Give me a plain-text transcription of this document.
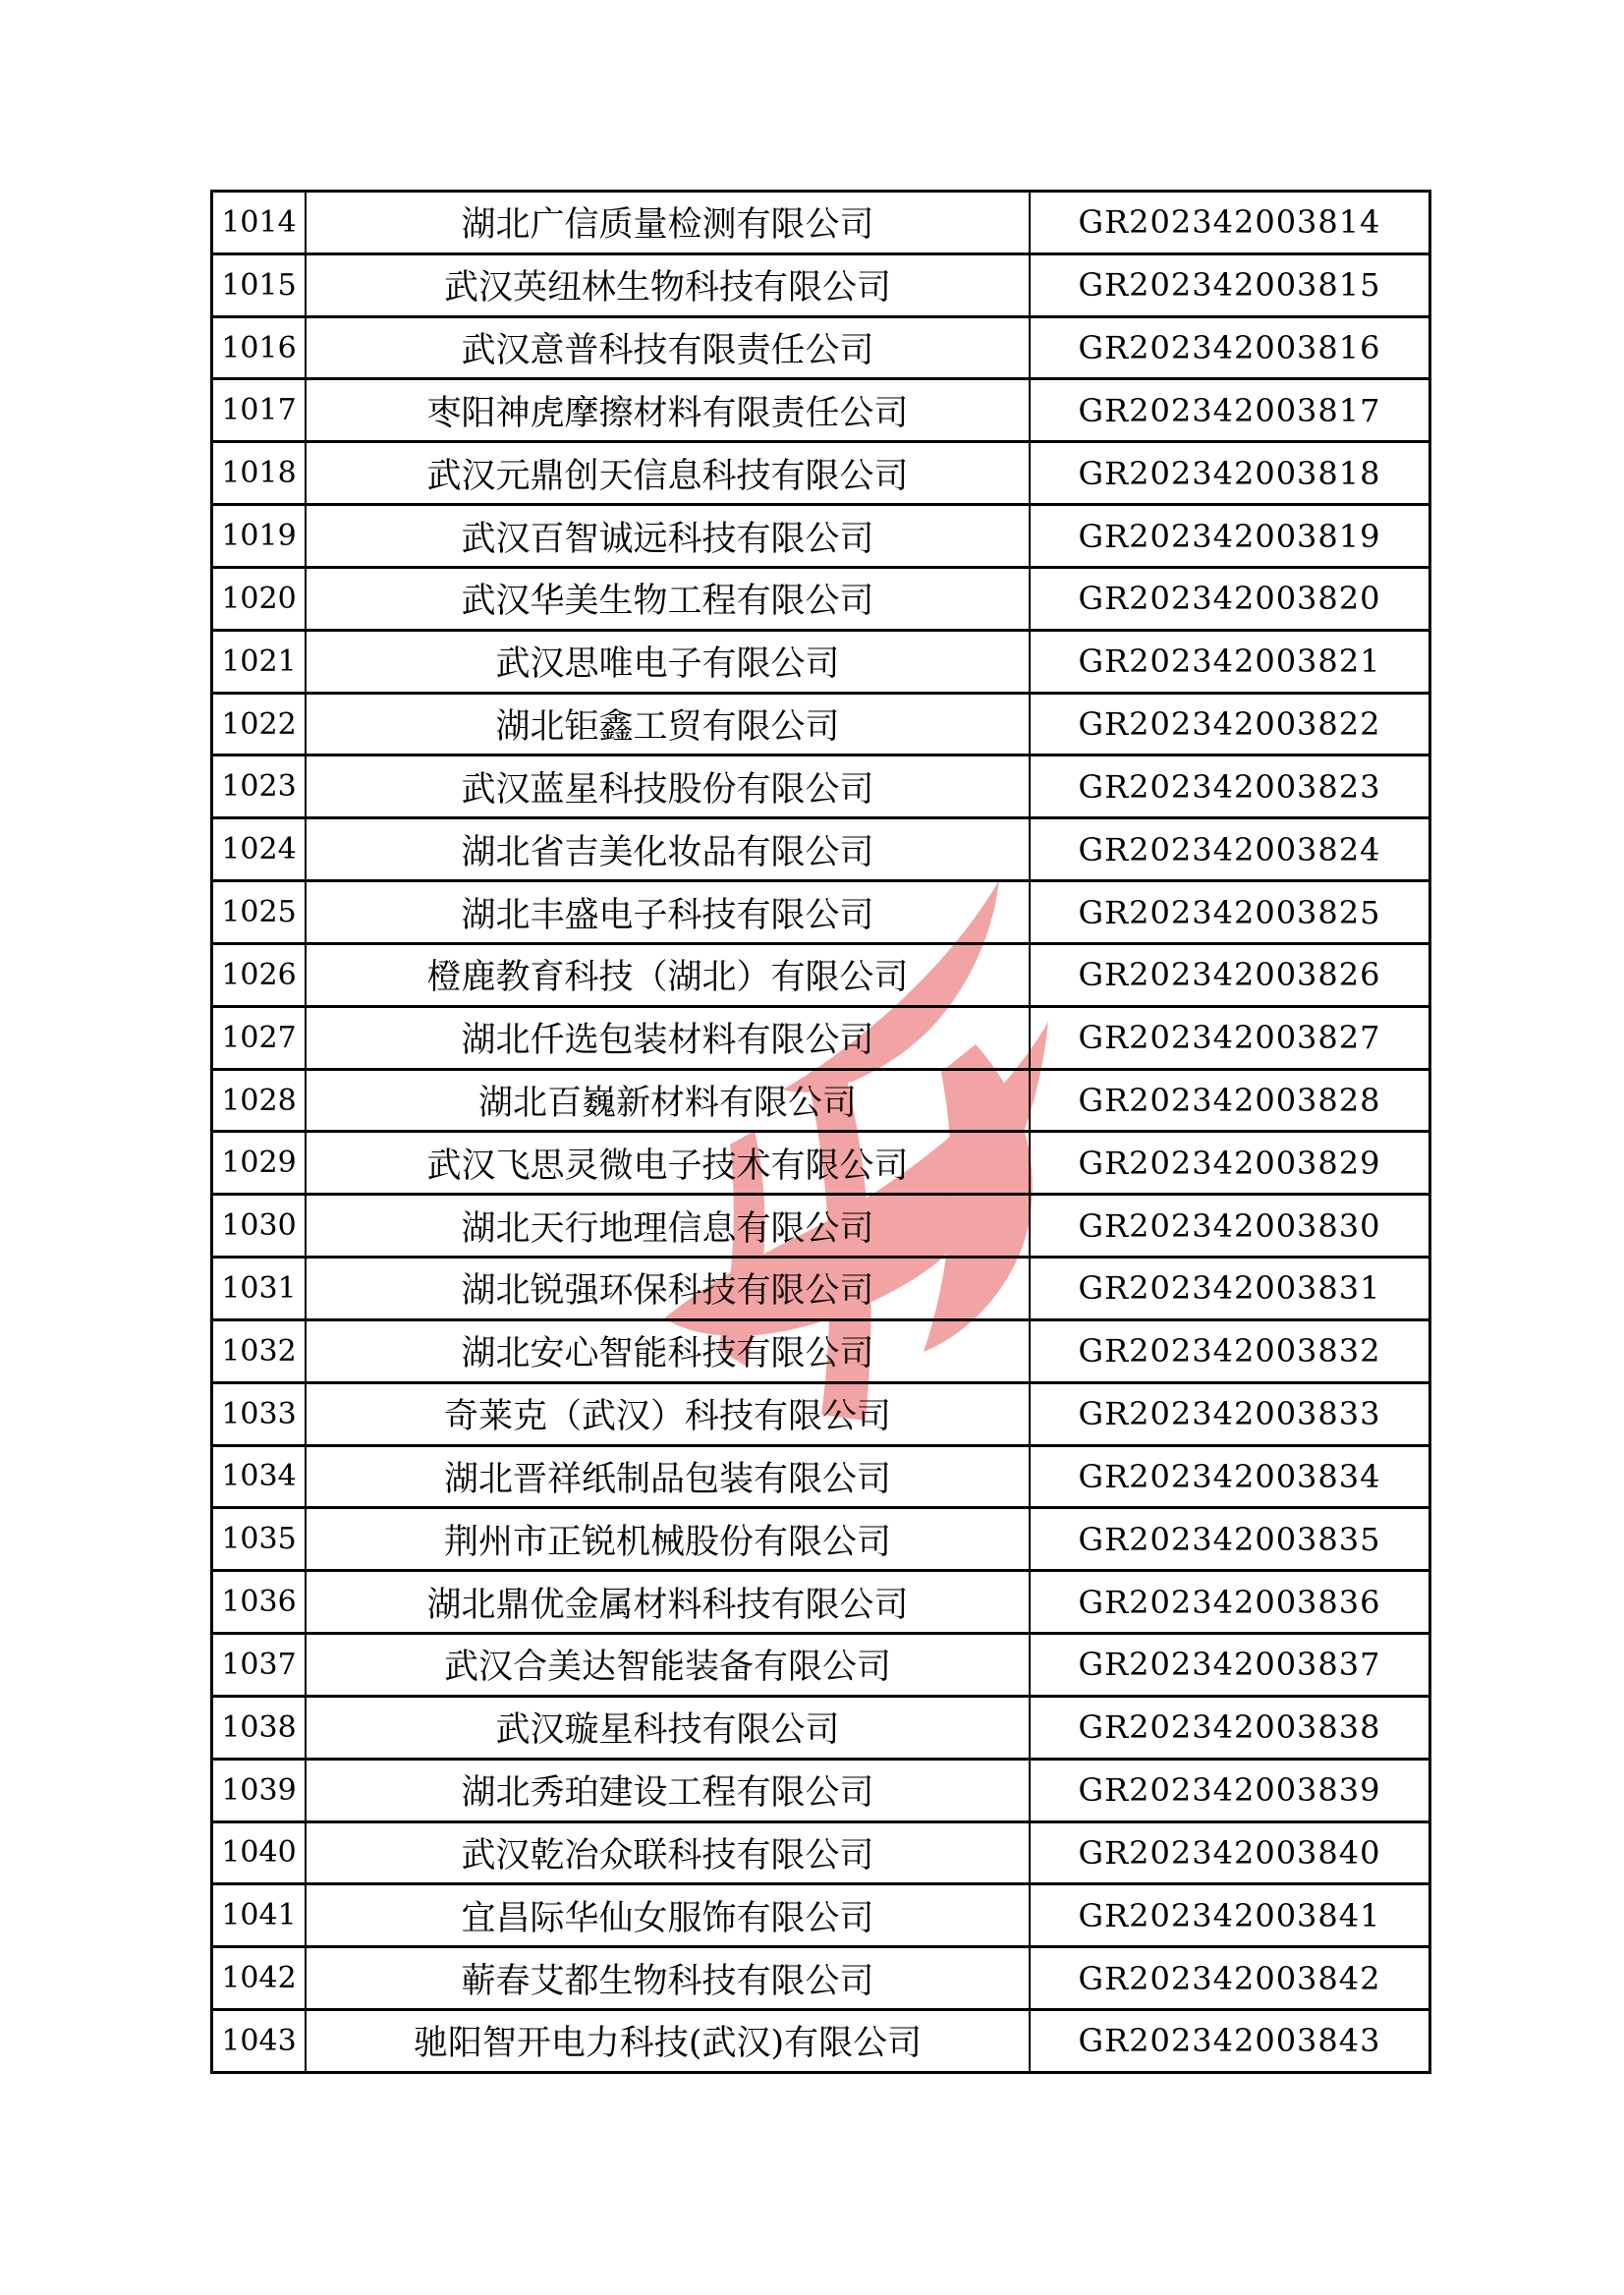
1014	湖北广信质量检测有限公司	GR202342003814
1015	武汉英纽林生物科技有限公司	GR202342003815
1016	武汉意普科技有限责任公司	GR202342003816
1017	枣阳神虎摩擦材料有限责任公司	GR202342003817
1018	武汉元鼎创天信息科技有限公司	GR202342003818
1019	武汉百智诚远科技有限公司	GR202342003819
1020	武汉华美生物工程有限公司	GR202342003820
1021	武汉思唯电子有限公司	GR202342003821
1022	湖北钜鑫工贸有限公司	GR202342003822
1023	武汉蓝星科技股份有限公司	GR202342003823
1024	湖北省吉美化妆品有限公司	GR202342003824
1025	湖北丰盛电子科技有限公司	GR202342003825
1026	橙鹿教育科技（湖北）有限公司	GR202342003826
1027	湖北仟选包装材料有限公司	GR202342003827
1028	湖北百巍新材料有限公司	GR202342003828
1029	武汉飞思灵微电子技术有限公司	GR202342003829
1030	湖北天行地理信息有限公司	GR202342003830
1031	湖北锐强环保科技有限公司	GR202342003831
1032	湖北安心智能科技有限公司	GR202342003832
1033	奇莱克（武汉）科技有限公司	GR202342003833
1034	湖北晋祥纸制品包装有限公司	GR202342003834
1035	荆州市正锐机械股份有限公司	GR202342003835
1036	湖北鼎优金属材料科技有限公司	GR202342003836
1037	武汉合美达智能装备有限公司	GR202342003837
1038	武汉璇星科技有限公司	GR202342003838
1039	湖北秀珀建设工程有限公司	GR202342003839
1040	武汉乾冶众联科技有限公司	GR202342003840
1041	宜昌际华仙女服饰有限公司	GR202342003841
1042	蕲春艾都生物科技有限公司	GR202342003842
1043	驰阳智开电力科技(武汉)有限公司	GR202342003843
